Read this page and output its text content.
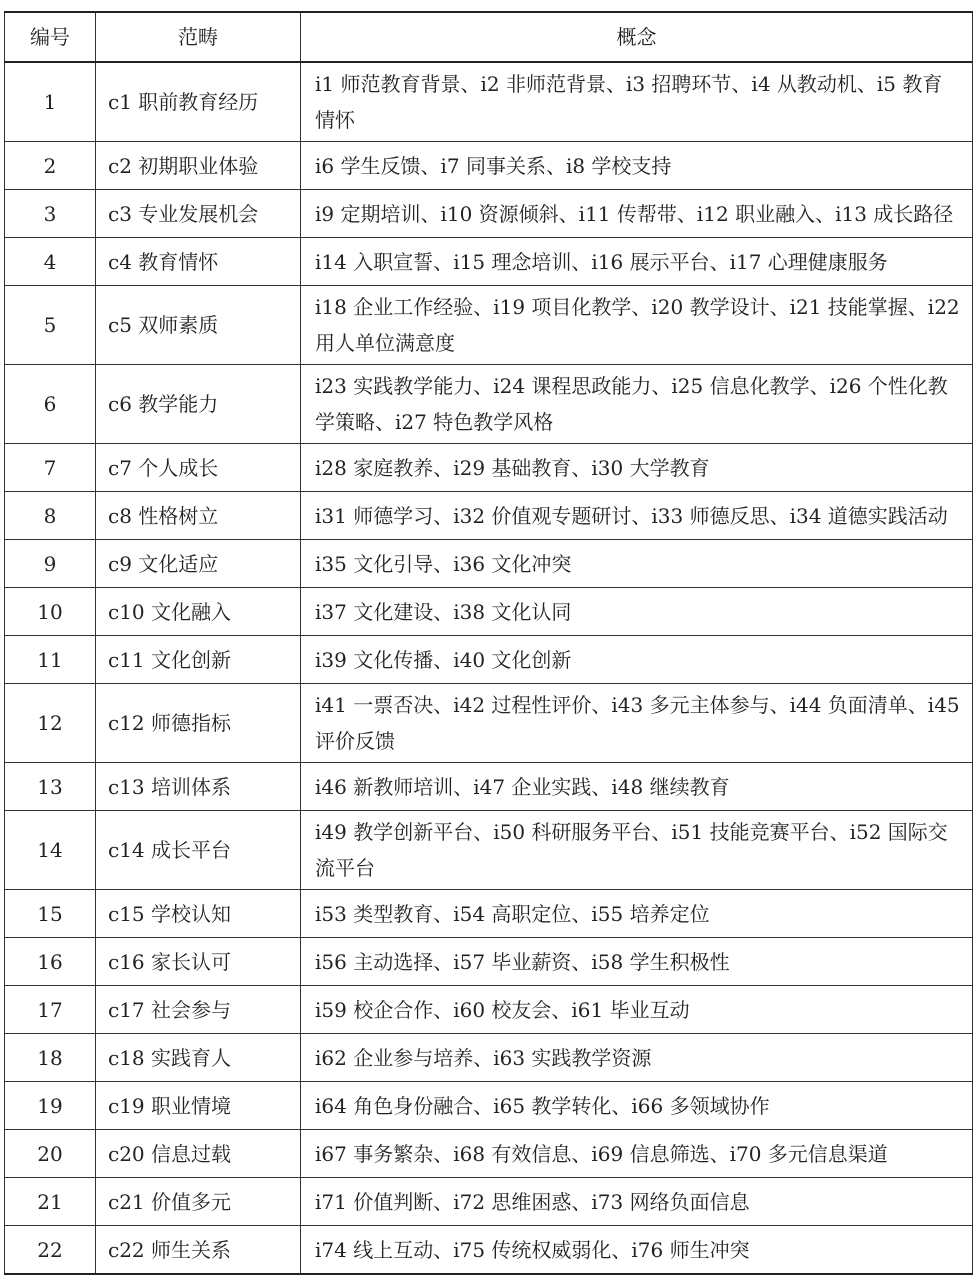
编号	范畴	概念
1	c1 职前教育经历	i1 师范教育背景、i2 非师范背景、i3 招聘环节、i4 从教动机、i5 教育情怀
2	c2 初期职业体验	i6 学生反馈、i7 同事关系、i8 学校支持
3	c3 专业发展机会	i9 定期培训、i10 资源倾斜、i11 传帮带、i12 职业融入、i13 成长路径
4	c4 教育情怀	i14 入职宣誓、i15 理念培训、i16 展示平台、i17 心理健康服务
5	c5 双师素质	i18 企业工作经验、i19 项目化教学、i20 教学设计、i21 技能掌握、i22 用人单位满意度
6	c6 教学能力	i23 实践教学能力、i24 课程思政能力、i25 信息化教学、i26 个性化教学策略、i27 特色教学风格
7	c7 个人成长	i28 家庭教养、i29 基础教育、i30 大学教育
8	c8 性格树立	i31 师德学习、i32 价值观专题研讨、i33 师德反思、i34 道德实践活动
9	c9 文化适应	i35 文化引导、i36 文化冲突
10	c10 文化融入	i37 文化建设、i38 文化认同
11	c11 文化创新	i39 文化传播、i40 文化创新
12	c12 师德指标	i41 一票否决、i42 过程性评价、i43 多元主体参与、i44 负面清单、i45 评价反馈
13	c13 培训体系	i46 新教师培训、i47 企业实践、i48 继续教育
14	c14 成长平台	i49 教学创新平台、i50 科研服务平台、i51 技能竞赛平台、i52 国际交流平台
15	c15 学校认知	i53 类型教育、i54 高职定位、i55 培养定位
16	c16 家长认可	i56 主动选择、i57 毕业薪资、i58 学生积极性
17	c17 社会参与	i59 校企合作、i60 校友会、i61 毕业互动
18	c18 实践育人	i62 企业参与培养、i63 实践教学资源
19	c19 职业情境	i64 角色身份融合、i65 教学转化、i66 多领域协作
20	c20 信息过载	i67 事务繁杂、i68 有效信息、i69 信息筛选、i70 多元信息渠道
21	c21 价值多元	i71 价值判断、i72 思维困惑、i73 网络负面信息
22	c22 师生关系	i74 线上互动、i75 传统权威弱化、i76 师生冲突
